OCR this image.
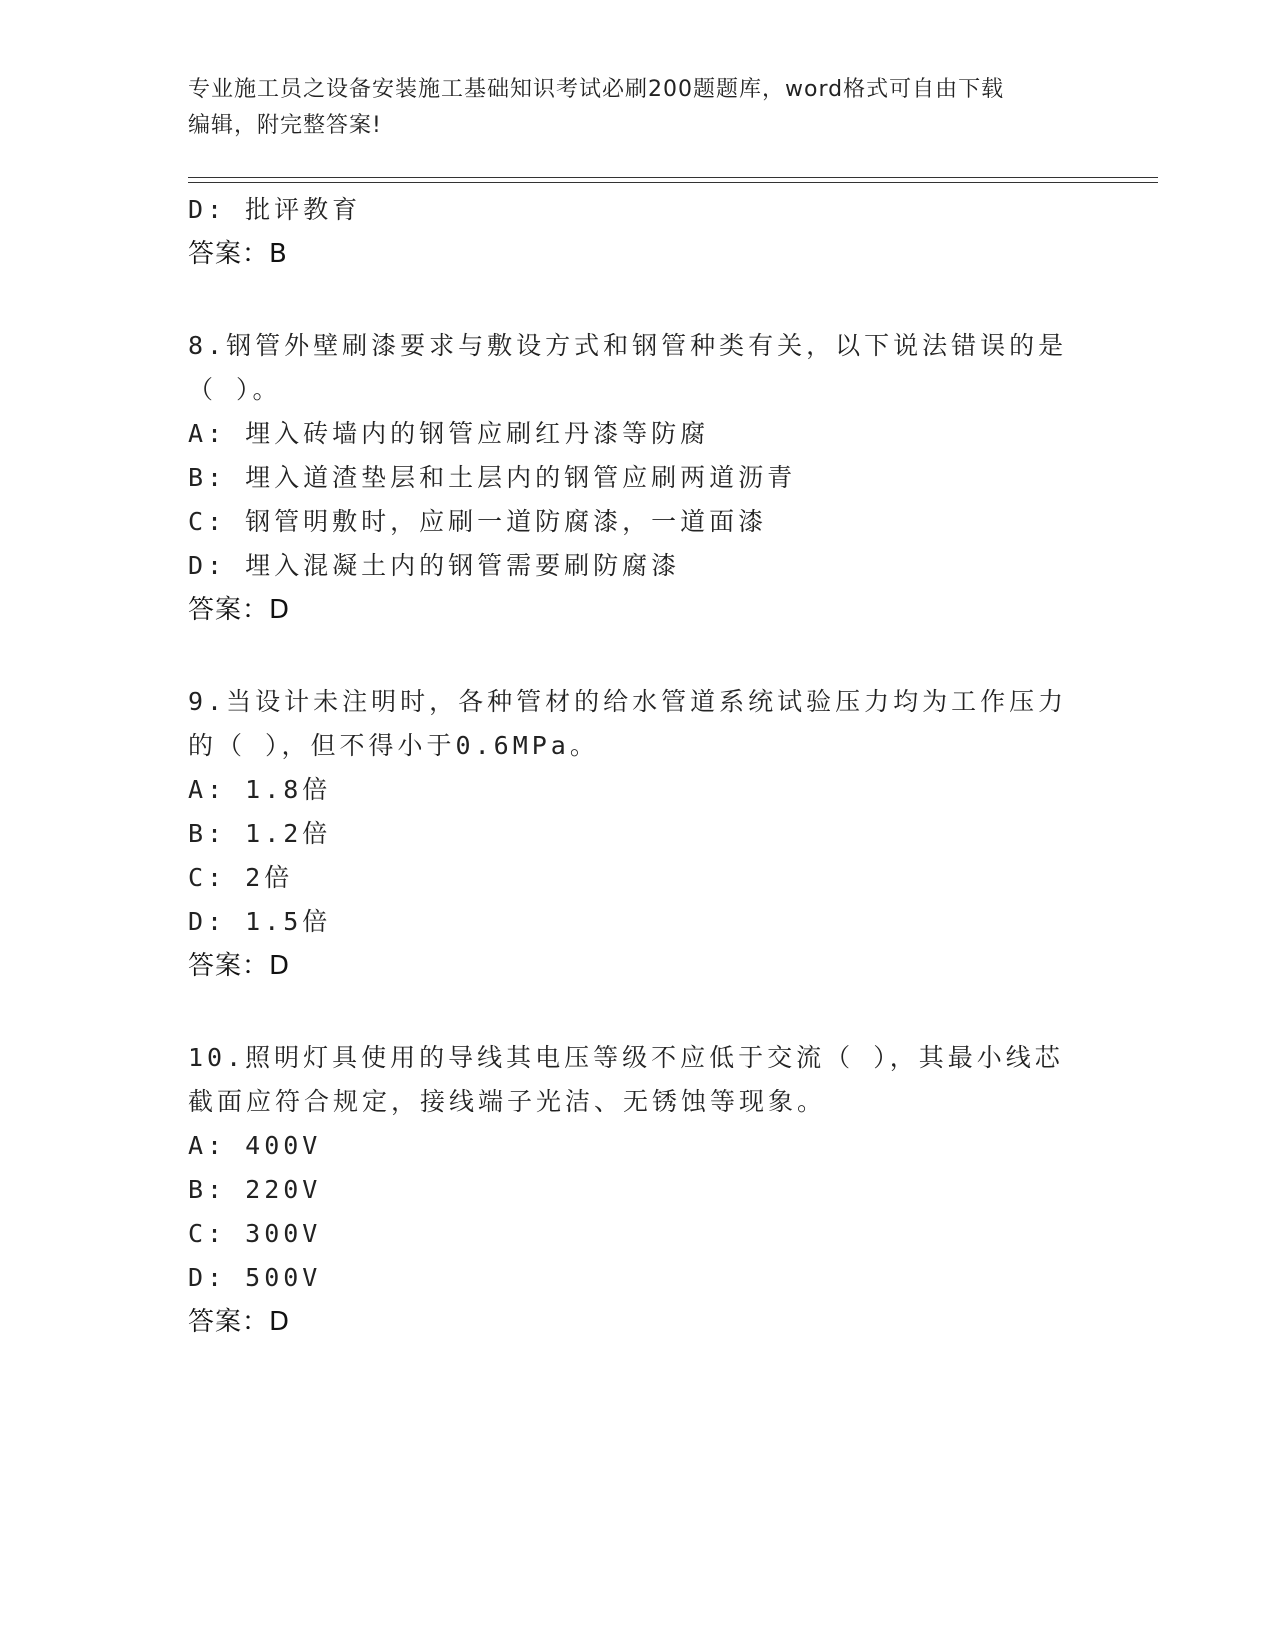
专业施工员之设备安装施工基础知识考试必刷200题题库，word格式可自由下载
编辑，附完整答案!
D: 批评教育
答案：B
8.钢管外壁刷漆要求与敷设方式和钢管种类有关，以下说法错误的是
（ ）。
A: 埋入砖墙内的钢管应刷红丹漆等防腐
B: 埋入道渣垫层和土层内的钢管应刷两道沥青
C: 钢管明敷时，应刷一道防腐漆，一道面漆
D: 埋入混凝土内的钢管需要刷防腐漆
答案：D
9.当设计未注明时，各种管材的给水管道系统试验压力均为工作压力
的（ ），但不得小于0.6MPa。
A: 1.8倍
B: 1.2倍
C: 2倍
D: 1.5倍
答案：D
10.照明灯具使用的导线其电压等级不应低于交流（ ），其最小线芯
截面应符合规定，接线端子光洁、无锈蚀等现象。
A: 400V
B: 220V
C: 300V
D: 500V
答案：D
